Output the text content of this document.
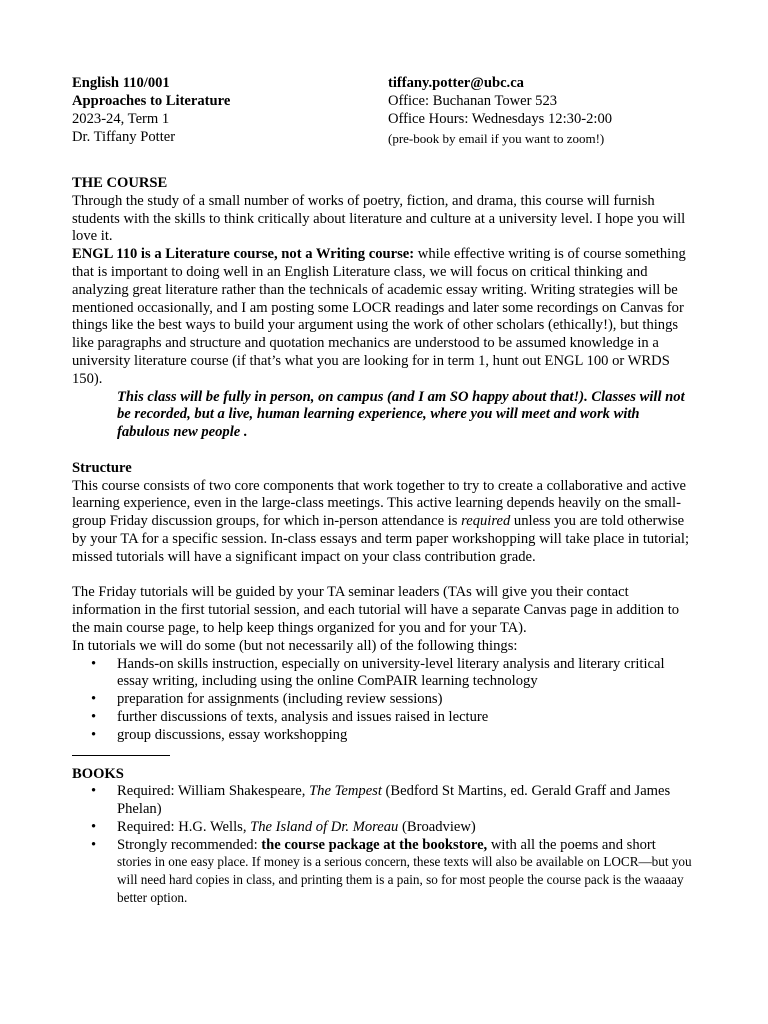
English 110/001
Approaches to Literature
2023-24, Term 1
Dr. Tiffany Potter
tiffany.potter@ubc.ca
Office: Buchanan Tower 523
Office Hours: Wednesdays 12:30-2:00
(pre-book by email if you want to zoom!)

THE COURSE

Through the study of a small number of works of poetry, fiction, and drama, this course will furnish students with the skills to think critically about literature and culture at a university level. I hope you will love it.

ENGL 110 is a Literature course, not a Writing course: while effective writing is of course something that is important to doing well in an English Literature class, we will focus on critical thinking and analyzing great literature rather than the technicals of academic essay writing. Writing strategies will be mentioned occasionally, and I am posting some LOCR readings and later some recordings on Canvas for things like the best ways to build your argument using the work of other scholars (ethically!), but things like paragraphs and structure and quotation mechanics are understood to be assumed knowledge in a university literature course (if that’s what you are looking for in term 1, hunt out ENGL 100 or WRDS 150).

This class will be fully in person, on campus (and I am SO happy about that!). Classes will not be recorded, but a live, human learning experience, where you will meet and work with fabulous new people .

Structure

This course consists of two core components that work together to try to create a collaborative and active learning experience, even in the large-class meetings. This active learning depends heavily on the small-group Friday discussion groups, for which in-person attendance is required unless you are told otherwise by your TA for a specific session. In-class essays and term paper workshopping will take place in tutorial; missed tutorials will have a significant impact on your class contribution grade.

The Friday tutorials will be guided by your TA seminar leaders (TAs will give you their contact information in the first tutorial session, and each tutorial will have a separate Canvas page in addition to the main course page, to help keep things organized for you and for your TA).

In tutorials we will do some (but not necessarily all) of the following things:

• Hands-on skills instruction, especially on university-level literary analysis and literary critical essay writing, including using the online ComPAIR learning technology
• preparation for assignments (including review sessions)
• further discussions of texts, analysis and issues raised in lecture
• group discussions, essay workshopping

BOOKS

• Required: William Shakespeare, The Tempest (Bedford St Martins, ed. Gerald Graff and James Phelan)
• Required: H.G. Wells, The Island of Dr. Moreau (Broadview)
• Strongly recommended: the course package at the bookstore, with all the poems and short
stories in one easy place. If money is a serious concern, these texts will also be available on LOCR—but you will need hard copies in class, and printing them is a pain, so for most people the course pack is the waaaay better option.
